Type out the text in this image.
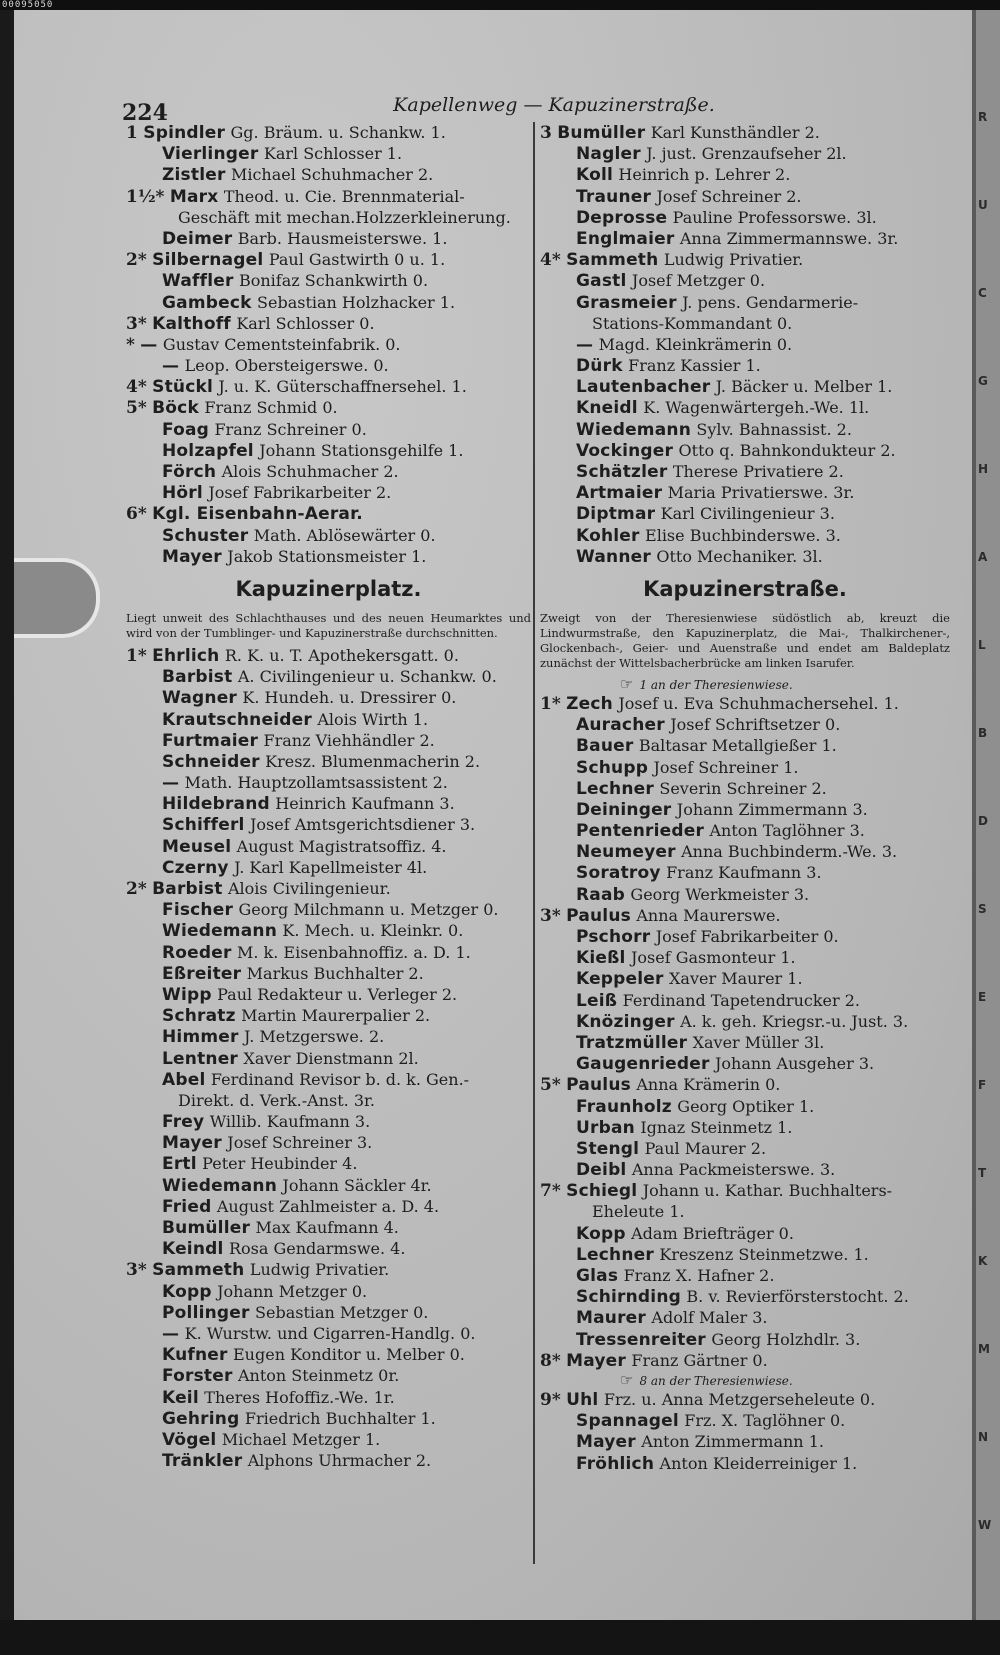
00095050
224	Kapellenweg — Kapuzinerstraße.
1 Spindler Gg. Bräum. u. Schankw. 1.
Vierlinger Karl Schlosser 1.
Zistler Michael Schuhmacher 2.
1½* Marx Theod. u. Cie. Brennmaterial-
Geschäft mit mechan.Holzzerkleinerung.
Deimer Barb. Hausmeisterswe. 1.
2* Silbernagel Paul Gastwirth 0 u. 1.
Waffler Bonifaz Schankwirth 0.
Gambeck Sebastian Holzhacker 1.
3* Kalthoff Karl Schlosser 0.
* — Gustav Cementsteinfabrik. 0.
— Leop. Obersteigerswe. 0.
4* Stückl J. u. K. Güterschaffnersehel. 1.
5* Böck Franz Schmid 0.
Foag Franz Schreiner 0.
Holzapfel Johann Stationsgehilfe 1.
Förch Alois Schuhmacher 2.
Hörl Josef Fabrikarbeiter 2.
6* Kgl. Eisenbahn-Aerar.
Schuster Math. Ablösewärter 0.
Mayer Jakob Stationsmeister 1.
Kapuzinerplatz.
Liegt unweit des Schlachthauses und des neuen Heumarktes und wird von der Tumblinger- und Kapuzinerstraße durchschnitten.
1* Ehrlich R. K. u. T. Apothekersgatt. 0.
Barbist A. Civilingenieur u. Schankw. 0.
Wagner K. Hundeh. u. Dressirer 0.
Krautschneider Alois Wirth 1.
Furtmaier Franz Viehhändler 2.
Schneider Kresz. Blumenmacherin 2.
— Math. Hauptzollamtsassistent 2.
Hildebrand Heinrich Kaufmann 3.
Schifferl Josef Amtsgerichtsdiener 3.
Meusel August Magistratsoffiz. 4.
Czerny J. Karl Kapellmeister 4l.
2* Barbist Alois Civilingenieur.
Fischer Georg Milchmann u. Metzger 0.
Wiedemann K. Mech. u. Kleinkr. 0.
Roeder M. k. Eisenbahnoffiz. a. D. 1.
Eßreiter Markus Buchhalter 2.
Wipp Paul Redakteur u. Verleger 2.
Schratz Martin Maurerpalier 2.
Himmer J. Metzgerswe. 2.
Lentner Xaver Dienstmann 2l.
Abel Ferdinand Revisor b. d. k. Gen.-
Direkt. d. Verk.-Anst. 3r.
Frey Willib. Kaufmann 3.
Mayer Josef Schreiner 3.
Ertl Peter Heubinder 4.
Wiedemann Johann Säckler 4r.
Fried August Zahlmeister a. D. 4.
Bumüller Max Kaufmann 4.
Keindl Rosa Gendarmswe. 4.
3* Sammeth Ludwig Privatier.
Kopp Johann Metzger 0.
Pollinger Sebastian Metzger 0.
— K. Wurstw. und Cigarren-Handlg. 0.
Kufner Eugen Konditor u. Melber 0.
Forster Anton Steinmetz 0r.
Keil Theres Hofoffiz.-We. 1r.
Gehring Friedrich Buchhalter 1.
Vögel Michael Metzger 1.
Tränkler Alphons Uhrmacher 2.
3 Bumüller Karl Kunsthändler 2.
Nagler J. just. Grenzaufseher 2l.
Koll Heinrich p. Lehrer 2.
Trauner Josef Schreiner 2.
Deprosse Pauline Professorswe. 3l.
Englmaier Anna Zimmermannswe. 3r.
4* Sammeth Ludwig Privatier.
Gastl Josef Metzger 0.
Grasmeier J. pens. Gendarmerie-
Stations-Kommandant 0.
— Magd. Kleinkrämerin 0.
Dürk Franz Kassier 1.
Lautenbacher J. Bäcker u. Melber 1.
Kneidl K. Wagenwärtergeh.-We. 1l.
Wiedemann Sylv. Bahnassist. 2.
Vockinger Otto q. Bahnkondukteur 2.
Schätzler Therese Privatiere 2.
Artmaier Maria Privatierswe. 3r.
Diptmar Karl Civilingenieur 3.
Kohler Elise Buchbinderswe. 3.
Wanner Otto Mechaniker. 3l.
Kapuzinerstraße.
Zweigt von der Theresienwiese südöstlich ab, kreuzt die Lindwurmstraße, den Kapuzinerplatz, die Mai-, Thalkirchener-, Glockenbach-, Geier- und Auenstraße und endet am Baldeplatz zunächst der Wittelsbacherbrücke am linken Isarufer.
☞ 1 an der Theresienwiese.
1* Zech Josef u. Eva Schuhmachersehel. 1.
Auracher Josef Schriftsetzer 0.
Bauer Baltasar Metallgießer 1.
Schupp Josef Schreiner 1.
Lechner Severin Schreiner 2.
Deininger Johann Zimmermann 3.
Pentenrieder Anton Taglöhner 3.
Neumeyer Anna Buchbinderm.-We. 3.
Soratroy Franz Kaufmann 3.
Raab Georg Werkmeister 3.
3* Paulus Anna Maurerswe.
Pschorr Josef Fabrikarbeiter 0.
Kießl Josef Gasmonteur 1.
Keppeler Xaver Maurer 1.
Leiß Ferdinand Tapetendrucker 2.
Knözinger A. k. geh. Kriegsr.-u. Just. 3.
Tratzmüller Xaver Müller 3l.
Gaugenrieder Johann Ausgeher 3.
5* Paulus Anna Krämerin 0.
Fraunholz Georg Optiker 1.
Urban Ignaz Steinmetz 1.
Stengl Paul Maurer 2.
Deibl Anna Packmeisterswe. 3.
7* Schiegl Johann u. Kathar. Buchhalters-
Eheleute 1.
Kopp Adam Briefträger 0.
Lechner Kreszenz Steinmetzwe. 1.
Glas Franz X. Hafner 2.
Schirnding B. v. Revierförsterstocht. 2.
Maurer Adolf Maler 3.
Tressenreiter Georg Holzhdlr. 3.
8* Mayer Franz Gärtner 0.
☞ 8 an der Theresienwiese.
9* Uhl Frz. u. Anna Metzgerseheleute 0.
Spannagel Frz. X. Taglöhner 0.
Mayer Anton Zimmermann 1.
Fröhlich Anton Kleiderreiniger 1.
R
U
C
G
H
A
L
B
D
S
E
F
T
K
M
N
W
